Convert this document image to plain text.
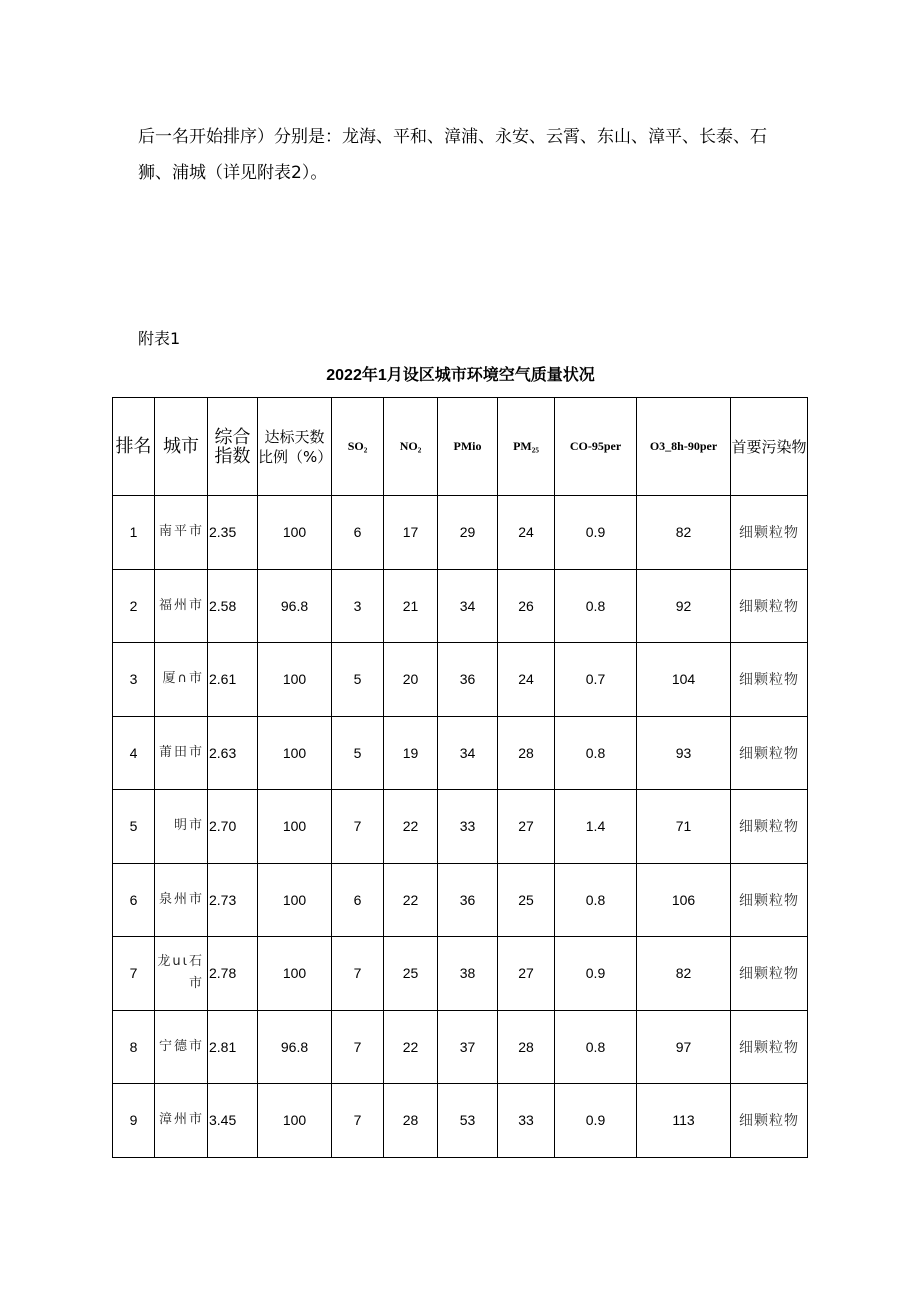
后一名开始排序）分别是：龙海、平和、漳浦、永安、云霄、东山、漳平、长泰、石
狮、浦城（详见附表2）。
附表1
2022年1月设区城市环境空气质量状况
排名	城市	综合指数	达标天数比例（%）	SO₂	NO₂	PMio	PM₂₅	CO-95per	O3_8h-90per	首要污染物
1	南平市	2.35	100	6	17	29	24	0.9	82	细颗粒物
2	福州市	2.58	96.8	3	21	34	26	0.8	92	细颗粒物
3	厦∩市	2.61	100	5	20	36	24	0.7	104	细颗粒物
4	莆田市	2.63	100	5	19	34	28	0.8	93	细颗粒物
5	明市	2.70	100	7	22	33	27	1.4	71	细颗粒物
6	泉州市	2.73	100	6	22	36	25	0.8	106	细颗粒物
7	龙uι石市	2.78	100	7	25	38	27	0.9	82	细颗粒物
8	宁德市	2.81	96.8	7	22	37	28	0.8	97	细颗粒物
9	漳州市	3.45	100	7	28	53	33	0.9	113	细颗粒物
